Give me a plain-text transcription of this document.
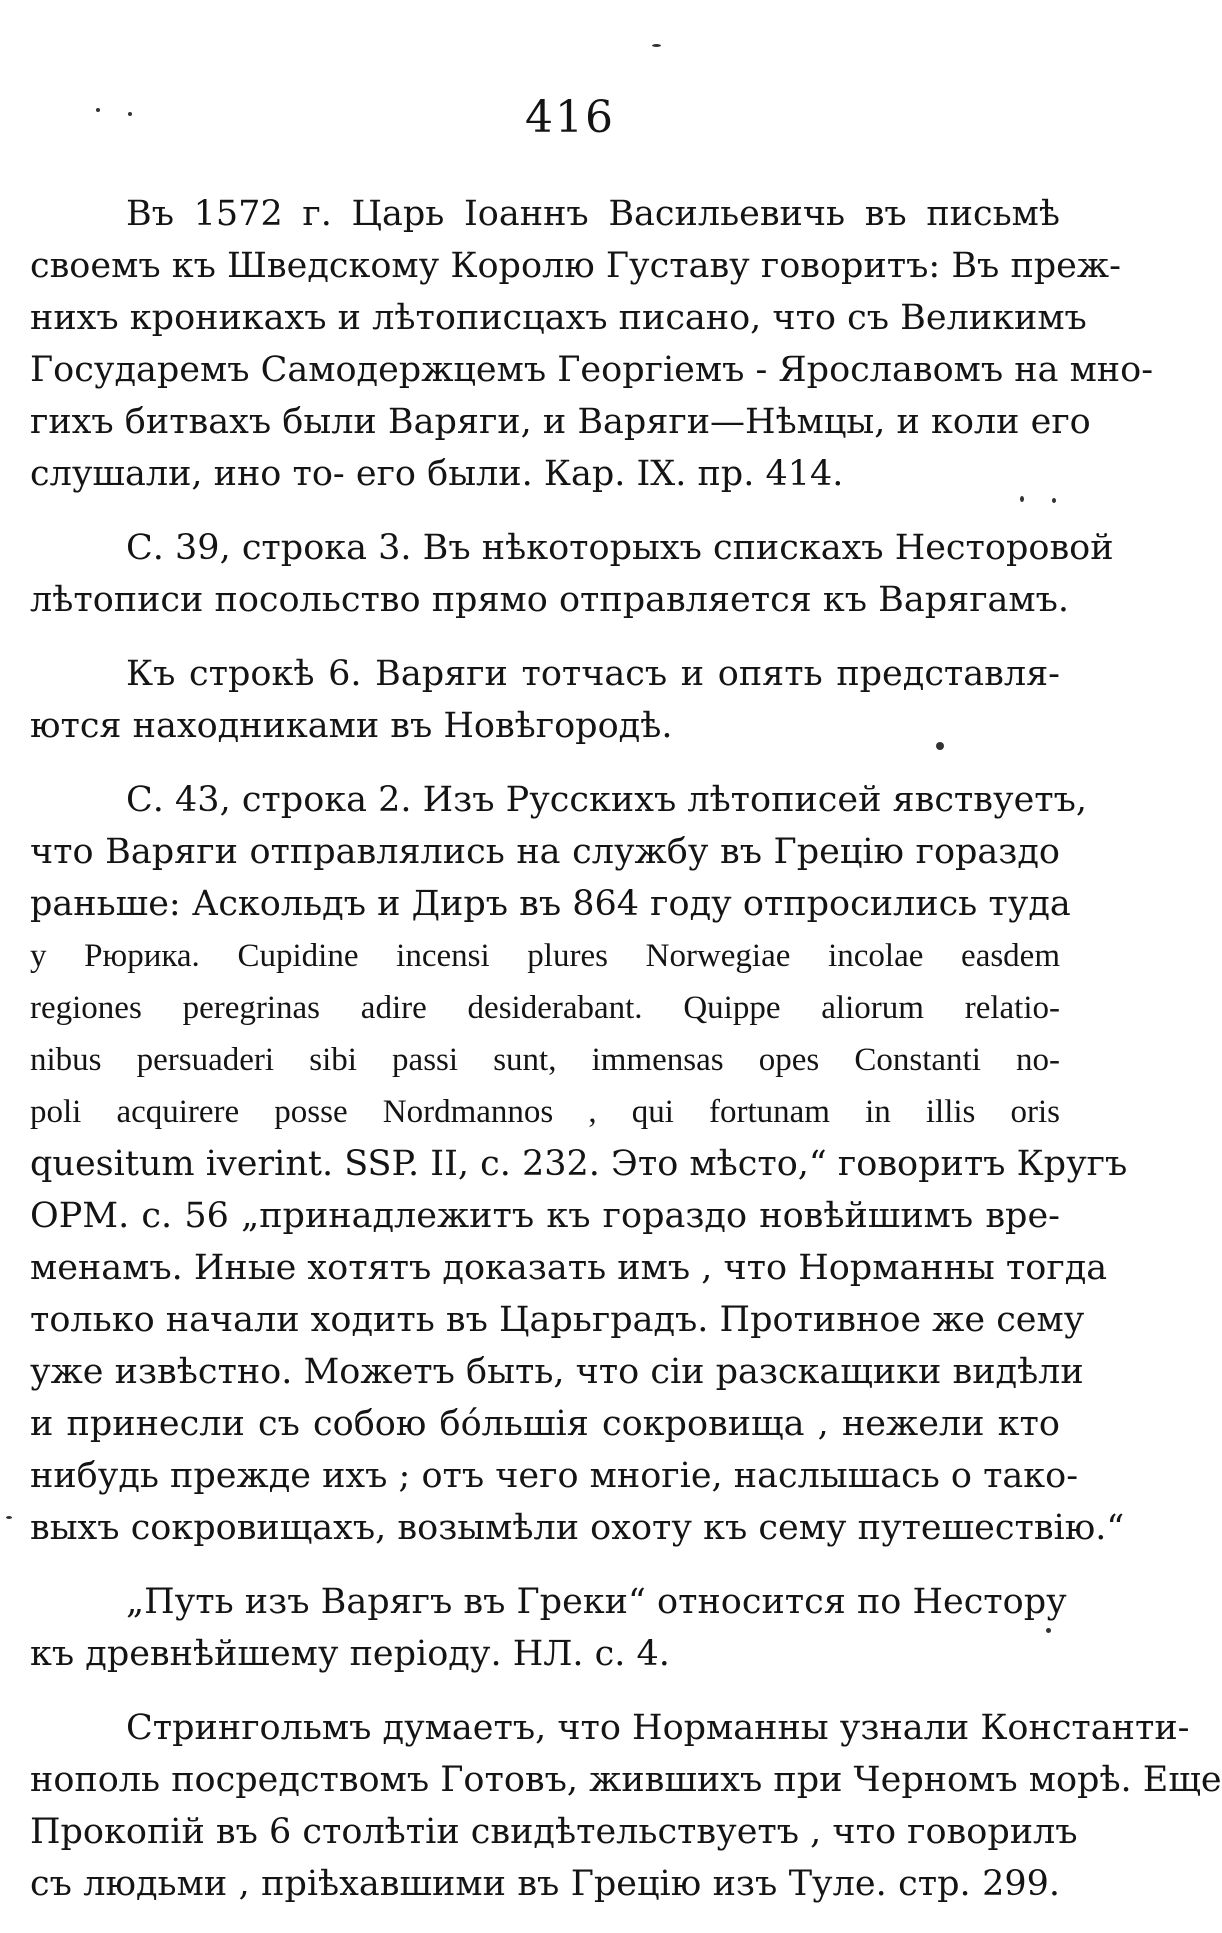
416
Въ 1572 г. Царь Іоаннъ Васильевичь въ письмѣ
своемъ къ Шведскому Королю Густаву говоритъ: Въ преж-
нихъ кроникахъ и лѣтописцахъ писано, что съ Великимъ
Государемъ Самодержцемъ Георгіемъ - Ярославомъ на мно-
гихъ битвахъ были Варяги, и Варяги—Нѣмцы, и коли его
слушали, ино то- его были. Кар. IX. пр. 414.
С. 39, строка 3. Въ нѣкоторыхъ спискахъ Несторовой
лѣтописи посольство прямо отправляется къ Варягамъ.
Къ строкѣ 6. Варяги тотчасъ и опять представля-
ются находниками въ Новѣгородѣ.
С. 43, строка 2. Изъ Русскихъ лѣтописей явствуетъ,
что Варяги отправлялись на службу въ Грецію гораздо
раньше: Аскольдъ и Диръ въ 864 году отпросились туда
у Рюрика. Cupidine incensi plures Norwegiae incolae easdem
regiones peregrinas adire desiderabant. Quippe aliorum relatio-
nibus persuaderi sibi passi sunt, immensas opes Constanti no-
poli acquirere posse Nordmannos , qui fortunam in illis oris
quesitum iverint. SSP. II, c. 232. Это мѣсто,“ говоритъ Кругъ
ОРМ. с. 56 „принадлежитъ къ гораздо новѣйшимъ вре-
менамъ. Иные хотятъ доказать имъ , что Норманны тогда
только начали ходить въ Царьградъ. Противное же сему
уже извѣстно. Можетъ быть, что сіи разскащики видѣли
и принесли съ собою бóльшія сокровища , нежели кто
нибудь прежде ихъ ; отъ чего многіе, наслышась о тако-
выхъ сокровищахъ, возымѣли охоту къ сему путешествію.“
„Путь изъ Варягъ въ Греки“ относится по Нестору
къ древнѣйшему періоду. НЛ. с. 4.
Стрингольмъ думаетъ, что Норманны узнали Константи-
нополь посредствомъ Готовъ, жившихъ при Черномъ морѣ. Еще
Прокопій въ 6 столѣтіи свидѣтельствуетъ , что говорилъ
съ людьми , пріѣхавшими въ Грецію изъ Туле. стр. 299.
